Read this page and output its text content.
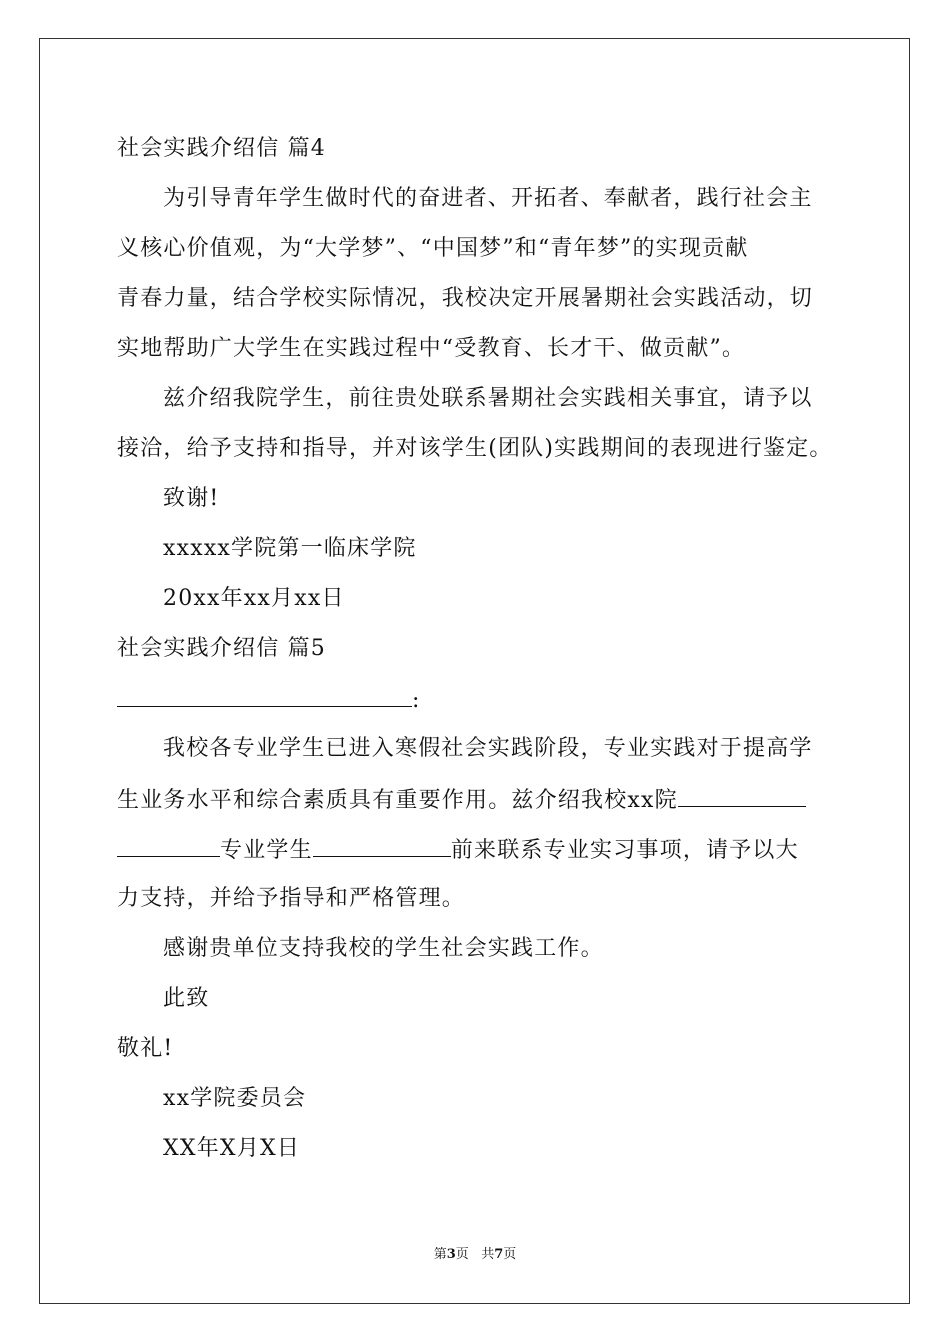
社会实践介绍信 篇4
为引导青年学生做时代的奋进者、开拓者、奉献者，践行社会主
义核心价值观，为“大学梦”、“中国梦”和“青年梦”的实现贡献
青春力量，结合学校实际情况，我校决定开展暑期社会实践活动，切
实地帮助广大学生在实践过程中“受教育、长才干、做贡献”。
兹介绍我院学生，前往贵处联系暑期社会实践相关事宜，请予以
接洽，给予支持和指导，并对该学生(团队)实践期间的表现进行鉴定。
致谢!
xxxxx学院第一临床学院
20xx年xx月xx日
社会实践介绍信 篇5
:
我校各专业学生已进入寒假社会实践阶段，专业实践对于提高学
生业务水平和综合素质具有重要作用。兹介绍我校xx院
专业学生	前来联系专业实习事项，请予以大
力支持，并给予指导和严格管理。
感谢贵单位支持我校的学生社会实践工作。
此致
敬礼!
xx学院委员会
XX年X月X日
第3页 共7页
